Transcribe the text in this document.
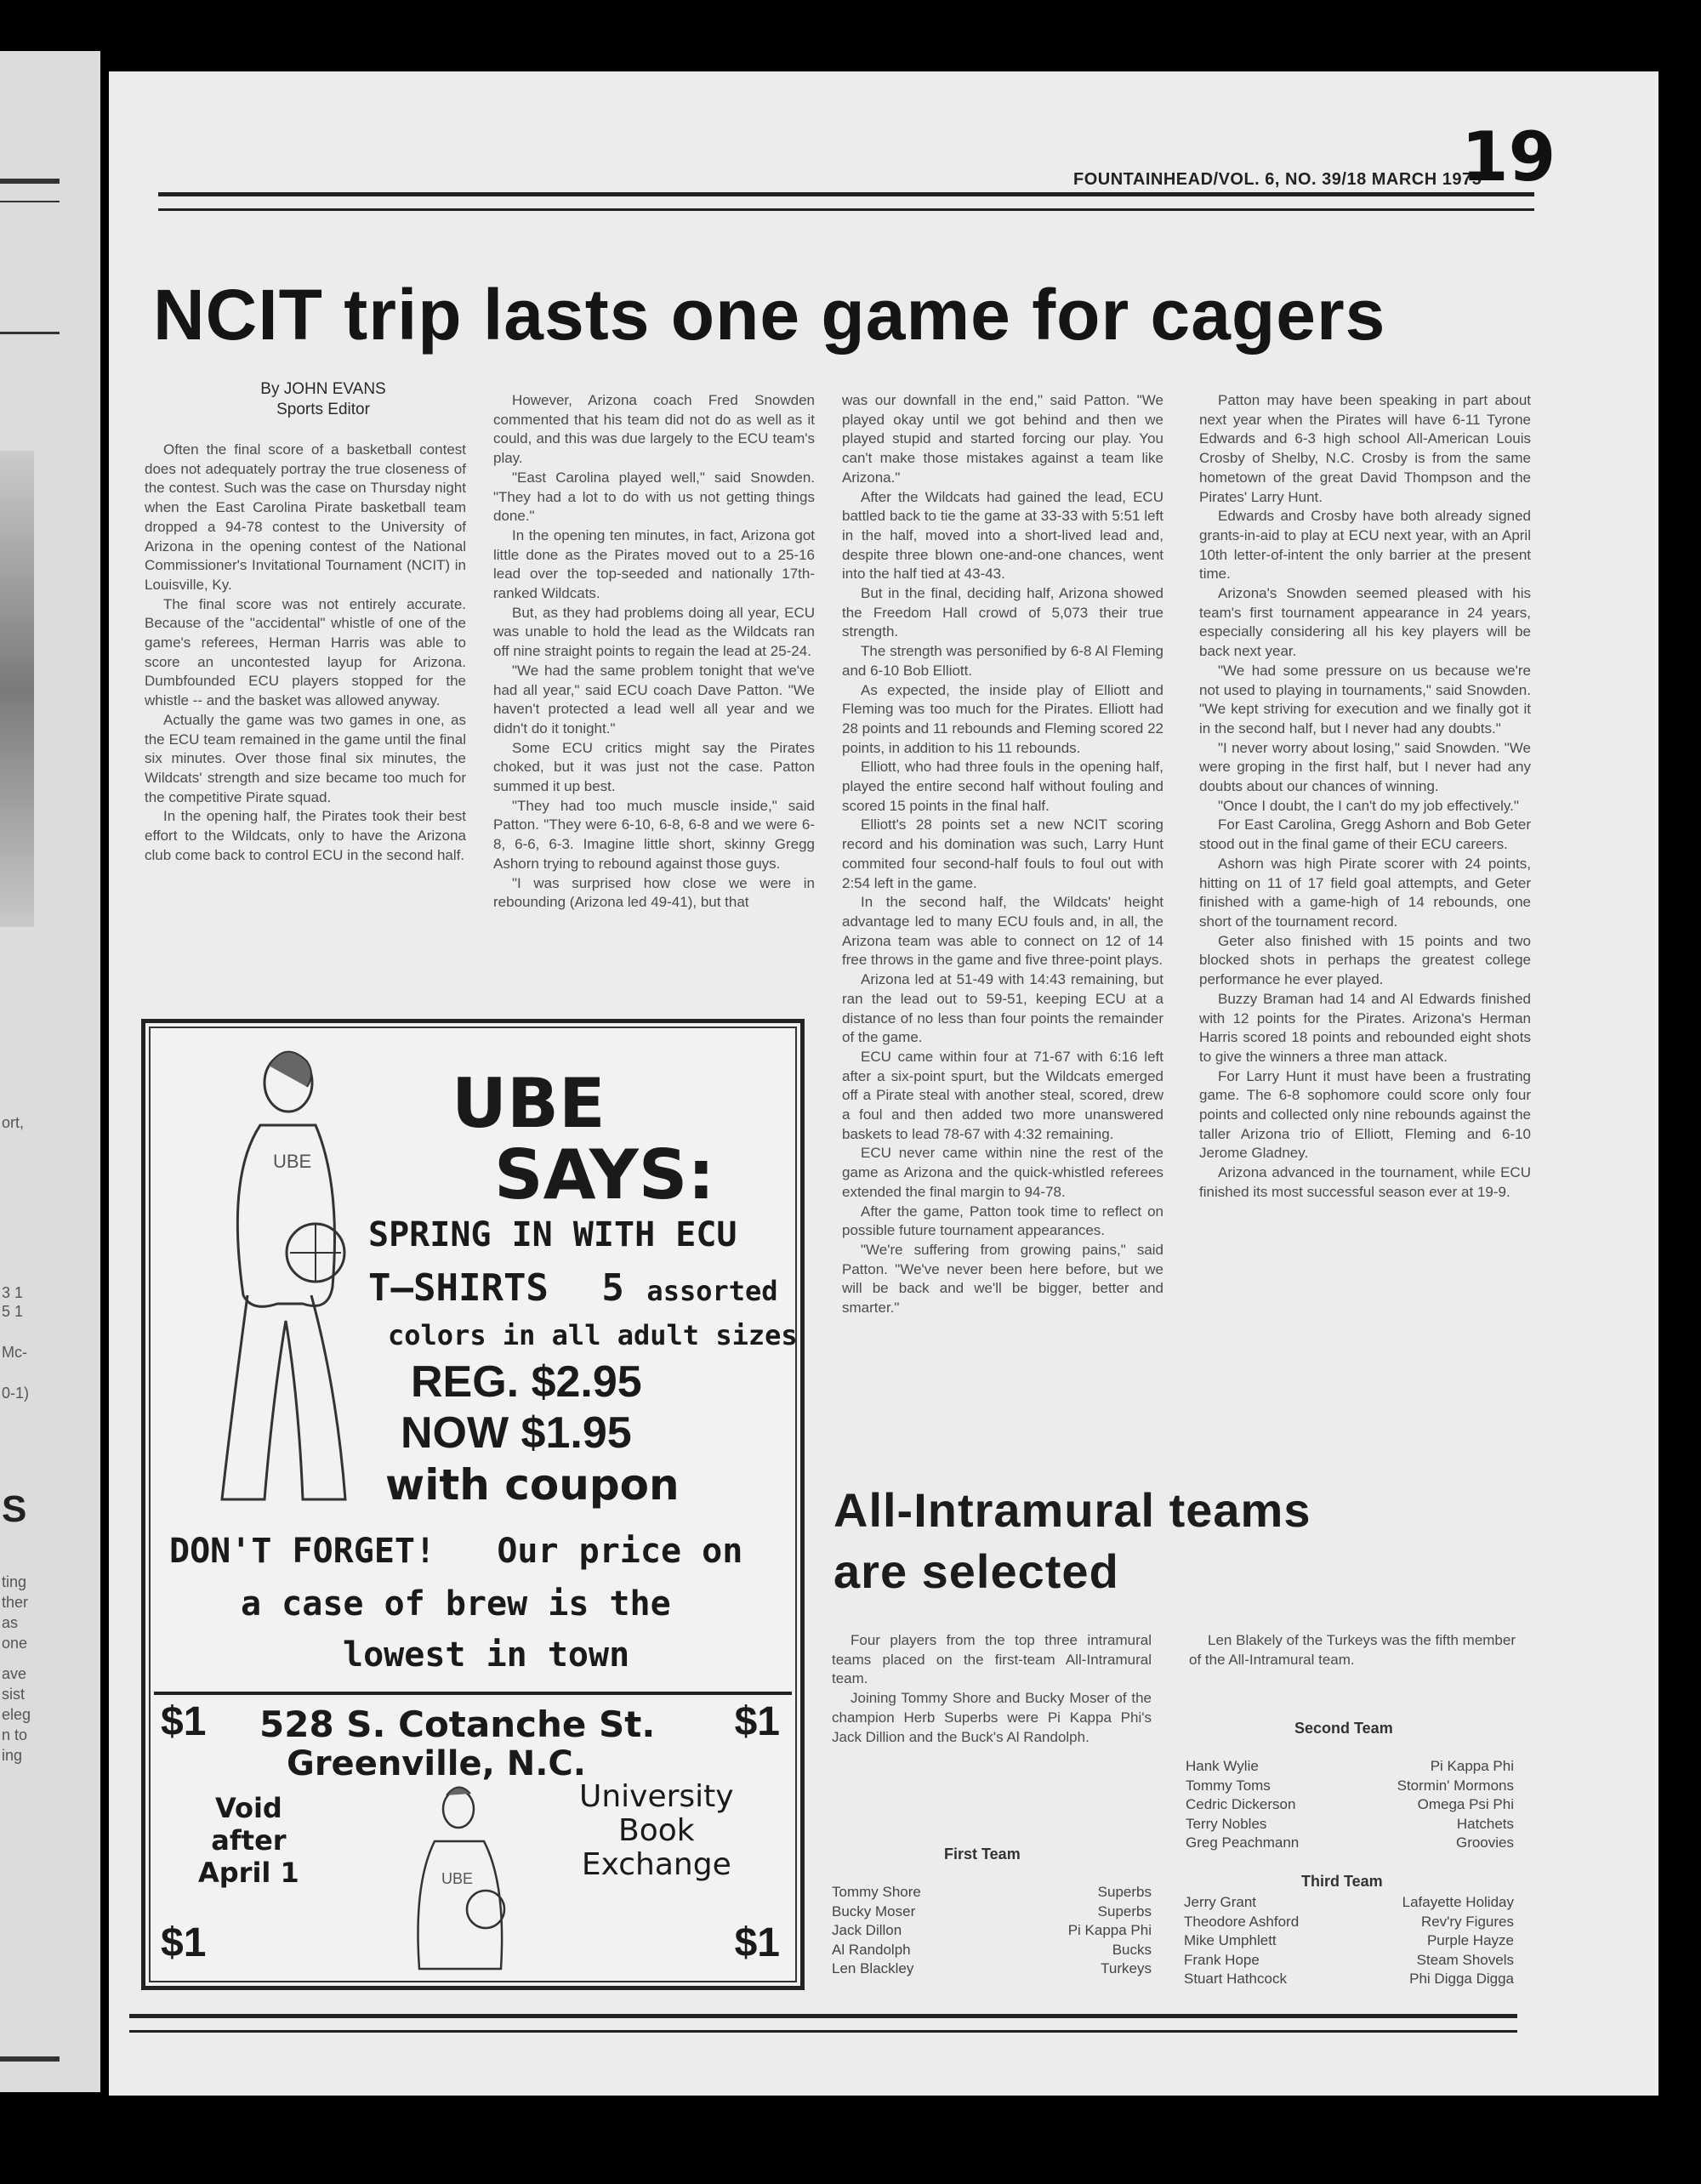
ort,
3 1
5 1
Mc-
0-1)
S
ting
ther
as
one
ave
sist
eleg
n to
ing
FOUNTAINHEAD/VOL. 6, NO. 39/18 MARCH 1975
19
NCIT trip lasts one game for cagers
By JOHN EVANS
Sports Editor

Often the final score of a basketball contest does not adequately portray the true closeness of the contest. Such was the case on Thursday night when the East Carolina Pirate basketball team dropped a 94-78 contest to the University of Arizona in the opening contest of the National Commissioner's Invitational Tournament (NCIT) in Louisville, Ky.

The final score was not entirely accurate. Because of the "accidental" whistle of one of the game's referees, Herman Harris was able to score an uncontested layup for Arizona. Dumbfounded ECU players stopped for the whistle -- and the basket was allowed anyway.

Actually the game was two games in one, as the ECU team remained in the game until the final six minutes. Over those final six minutes, the Wildcats' strength and size became too much for the competitive Pirate squad.

In the opening half, the Pirates took their best effort to the Wildcats, only to have the Arizona club come back to control ECU in the second half.

However, Arizona coach Fred Snowden commented that his team did not do as well as it could, and this was due largely to the ECU team's play.

"East Carolina played well," said Snowden. "They had a lot to do with us not getting things done."

In the opening ten minutes, in fact, Arizona got little done as the Pirates moved out to a 25-16 lead over the top-seeded and nationally 17th-ranked Wildcats.

But, as they had problems doing all year, ECU was unable to hold the lead as the Wildcats ran off nine straight points to regain the lead at 25-24.

"We had the same problem tonight that we've had all year," said ECU coach Dave Patton. "We haven't protected a lead well all year and we didn't do it tonight."

Some ECU critics might say the Pirates choked, but it was just not the case. Patton summed it up best.

"They had too much muscle inside," said Patton. "They were 6-10, 6-8, 6-8 and we were 6-8, 6-6, 6-3. Imagine little short, skinny Gregg Ashorn trying to rebound against those guys.

"I was surprised how close we were in rebounding (Arizona led 49-41), but that

was our downfall in the end," said Patton. "We played okay until we got behind and then we played stupid and started forcing our play. You can't make those mistakes against a team like Arizona."

After the Wildcats had gained the lead, ECU battled back to tie the game at 33-33 with 5:51 left in the half, moved into a short-lived lead and, despite three blown one-and-one chances, went into the half tied at 43-43.

But in the final, deciding half, Arizona showed the Freedom Hall crowd of 5,073 their true strength.

The strength was personified by 6-8 Al Fleming and 6-10 Bob Elliott.

As expected, the inside play of Elliott and Fleming was too much for the Pirates. Elliott had 28 points and 11 rebounds and Fleming scored 22 points, in addition to his 11 rebounds.

Elliott, who had three fouls in the opening half, played the entire second half without fouling and scored 15 points in the final half.

Elliott's 28 points set a new NCIT scoring record and his domination was such, Larry Hunt commited four second-half fouls to foul out with 2:54 left in the game.

In the second half, the Wildcats' height advantage led to many ECU fouls and, in all, the Arizona team was able to connect on 12 of 14 free throws in the game and five three-point plays.

Arizona led at 51-49 with 14:43 remaining, but ran the lead out to 59-51, keeping ECU at a distance of no less than four points the remainder of the game.

ECU came within four at 71-67 with 6:16 left after a six-point spurt, but the Wildcats emerged off a Pirate steal with another steal, scored, drew a foul and then added two more unanswered baskets to lead 78-67 with 4:32 remaining.

ECU never came within nine the rest of the game as Arizona and the quick-whistled referees extended the final margin to 94-78.

After the game, Patton took time to reflect on possible future tournament appearances.

"We're suffering from growing pains," said Patton. "We've never been here before, but we will be back and we'll be bigger, better and smarter."

Patton may have been speaking in part about next year when the Pirates will have 6-11 Tyrone Edwards and 6-3 high school All-American Louis Crosby of Shelby, N.C. Crosby is from the same hometown of the great David Thompson and the Pirates' Larry Hunt.

Edwards and Crosby have both already signed grants-in-aid to play at ECU next year, with an April 10th letter-of-intent the only barrier at the present time.

Arizona's Snowden seemed pleased with his team's first tournament appearance in 24 years, especially considering all his key players will be back next year.

"We had some pressure on us because we're not used to playing in tournaments," said Snowden. "We kept striving for execution and we finally got it in the second half, but I never had any doubts."

"I never worry about losing," said Snowden. "We were groping in the first half, but I never had any doubts about our chances of winning.

"Once I doubt, the I can't do my job effectively."

For East Carolina, Gregg Ashorn and Bob Geter stood out in the final game of their ECU careers.

Ashorn was high Pirate scorer with 24 points, hitting on 11 of 17 field goal attempts, and Geter finished with a game-high of 14 rebounds, one short of the tournament record.

Geter also finished with 15 points and two blocked shots in perhaps the greatest college performance he ever played.

Buzzy Braman had 14 and Al Edwards finished with 12 points for the Pirates. Arizona's Herman Harris scored 18 points and rebounded eight shots to give the winners a three man attack.

For Larry Hunt it must have been a frustrating game. The 6-8 sophomore could score only four points and collected only nine rebounds against the taller Arizona trio of Elliott, Fleming and 6-10 Jerome Gladney.

Arizona advanced in the tournament, while ECU finished its most successful season ever at 19-9.

UBE
UBE
SAYS:
SPRING IN WITH ECU
T—SHIRTS 5 assorted
colors in all adult sizes
REG. $2.95
NOW $1.95
with coupon
DON'T FORGET!   Our price on
a case of brew is the
lowest in town
$1	$1
528 S. Cotanche St.
Greenville, N.C.
Void
after
April 1	UBE
University
Book
Exchange
$1	$1
All-Intramural teams
are selected

Four players from the top three intramural teams placed on the first-team All-Intramural team.

Joining Tommy Shore and Bucky Moser of the champion Herb Superbs were Pi Kappa Phi's Jack Dillion and the Buck's Al Randolph.

Len Blakely of the Turkeys was the fifth member of the All-Intramural team.

First Team
Tommy Shore	Superbs
Bucky Moser	Superbs
Jack Dillon	Pi Kappa Phi
Al Randolph	Bucks
Len Blackley	Turkeys
Second Team
Hank Wylie	Pi Kappa Phi
Tommy Toms	Stormin' Mormons
Cedric Dickerson	Omega Psi Phi
Terry Nobles	Hatchets
Greg Peachmann	Groovies
Third Team
Jerry Grant	Lafayette Holiday
Theodore Ashford	Rev'ry Figures
Mike Umphlett	Purple Hayze
Frank Hope	Steam Shovels
Stuart Hathcock	Phi Digga Digga
